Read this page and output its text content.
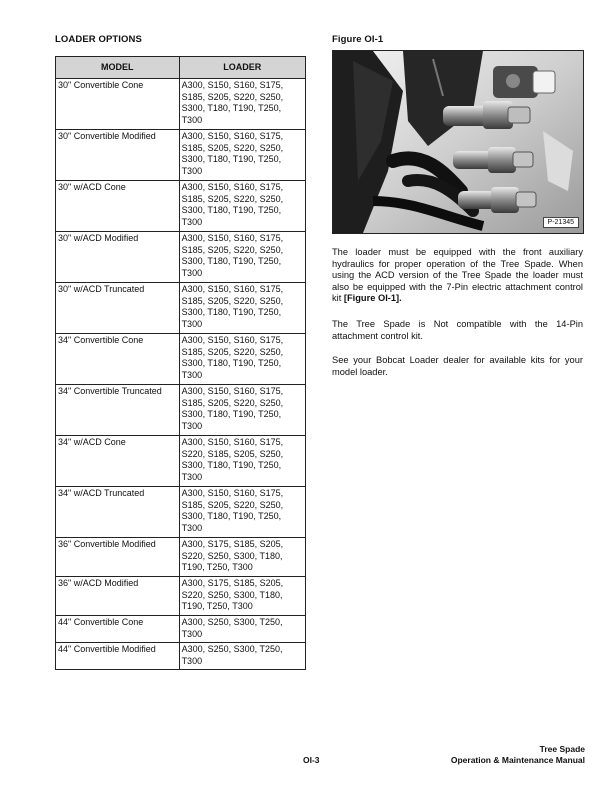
LOADER OPTIONS
MODEL	LOADER
30" Convertible Cone	A300, S150, S160, S175, S185, S205, S220, S250, S300, T180, T190, T250, T300
30" Convertible Modified	A300, S150, S160, S175, S185, S205, S220, S250, S300, T180, T190, T250, T300
30" w/ACD Cone	A300, S150, S160, S175, S185, S205, S220, S250, S300, T180, T190, T250, T300
30" w/ACD Modified	A300, S150, S160, S175, S185, S205, S220, S250, S300, T180, T190, T250, T300
30" w/ACD Truncated	A300, S150, S160, S175, S185, S205, S220, S250, S300, T180, T190, T250, T300
34" Convertible Cone	A300, S150, S160, S175, S185, S205, S220, S250, S300, T180, T190, T250, T300
34" Convertible Truncated	A300, S150, S160, S175, S185, S205, S220, S250, S300, T180, T190, T250, T300
34" w/ACD Cone	A300, S150, S160, S175, S220, S185, S205, S250, S300, T180, T190, T250, T300
34" w/ACD Truncated	A300, S150, S160, S175, S185, S205, S220, S250, S300, T180, T190, T250, T300
36" Convertible Modified	A300, S175, S185, S205, S220, S250, S300, T180, T190, T250, T300
36" w/ACD Modified	A300, S175, S185, S205, S220, S250, S300, T180, T190, T250, T300
44" Convertible Cone	A300, S250, S300, T250, T300
44" Convertible Modified	A300, S250, S300, T250, T300
Figure OI-1
P-21345
The loader must be equipped with the front auxiliary hydraulics for proper operation of the Tree Spade. When using the ACD version of the Tree Spade the loader must also be equipped with the 7-Pin electric attachment control kit [Figure OI-1].
The Tree Spade is Not compatible with the 14-Pin attachment control kit.
See your Bobcat Loader dealer for available kits for your model loader.
OI-3
Tree Spade
Operation & Maintenance Manual
